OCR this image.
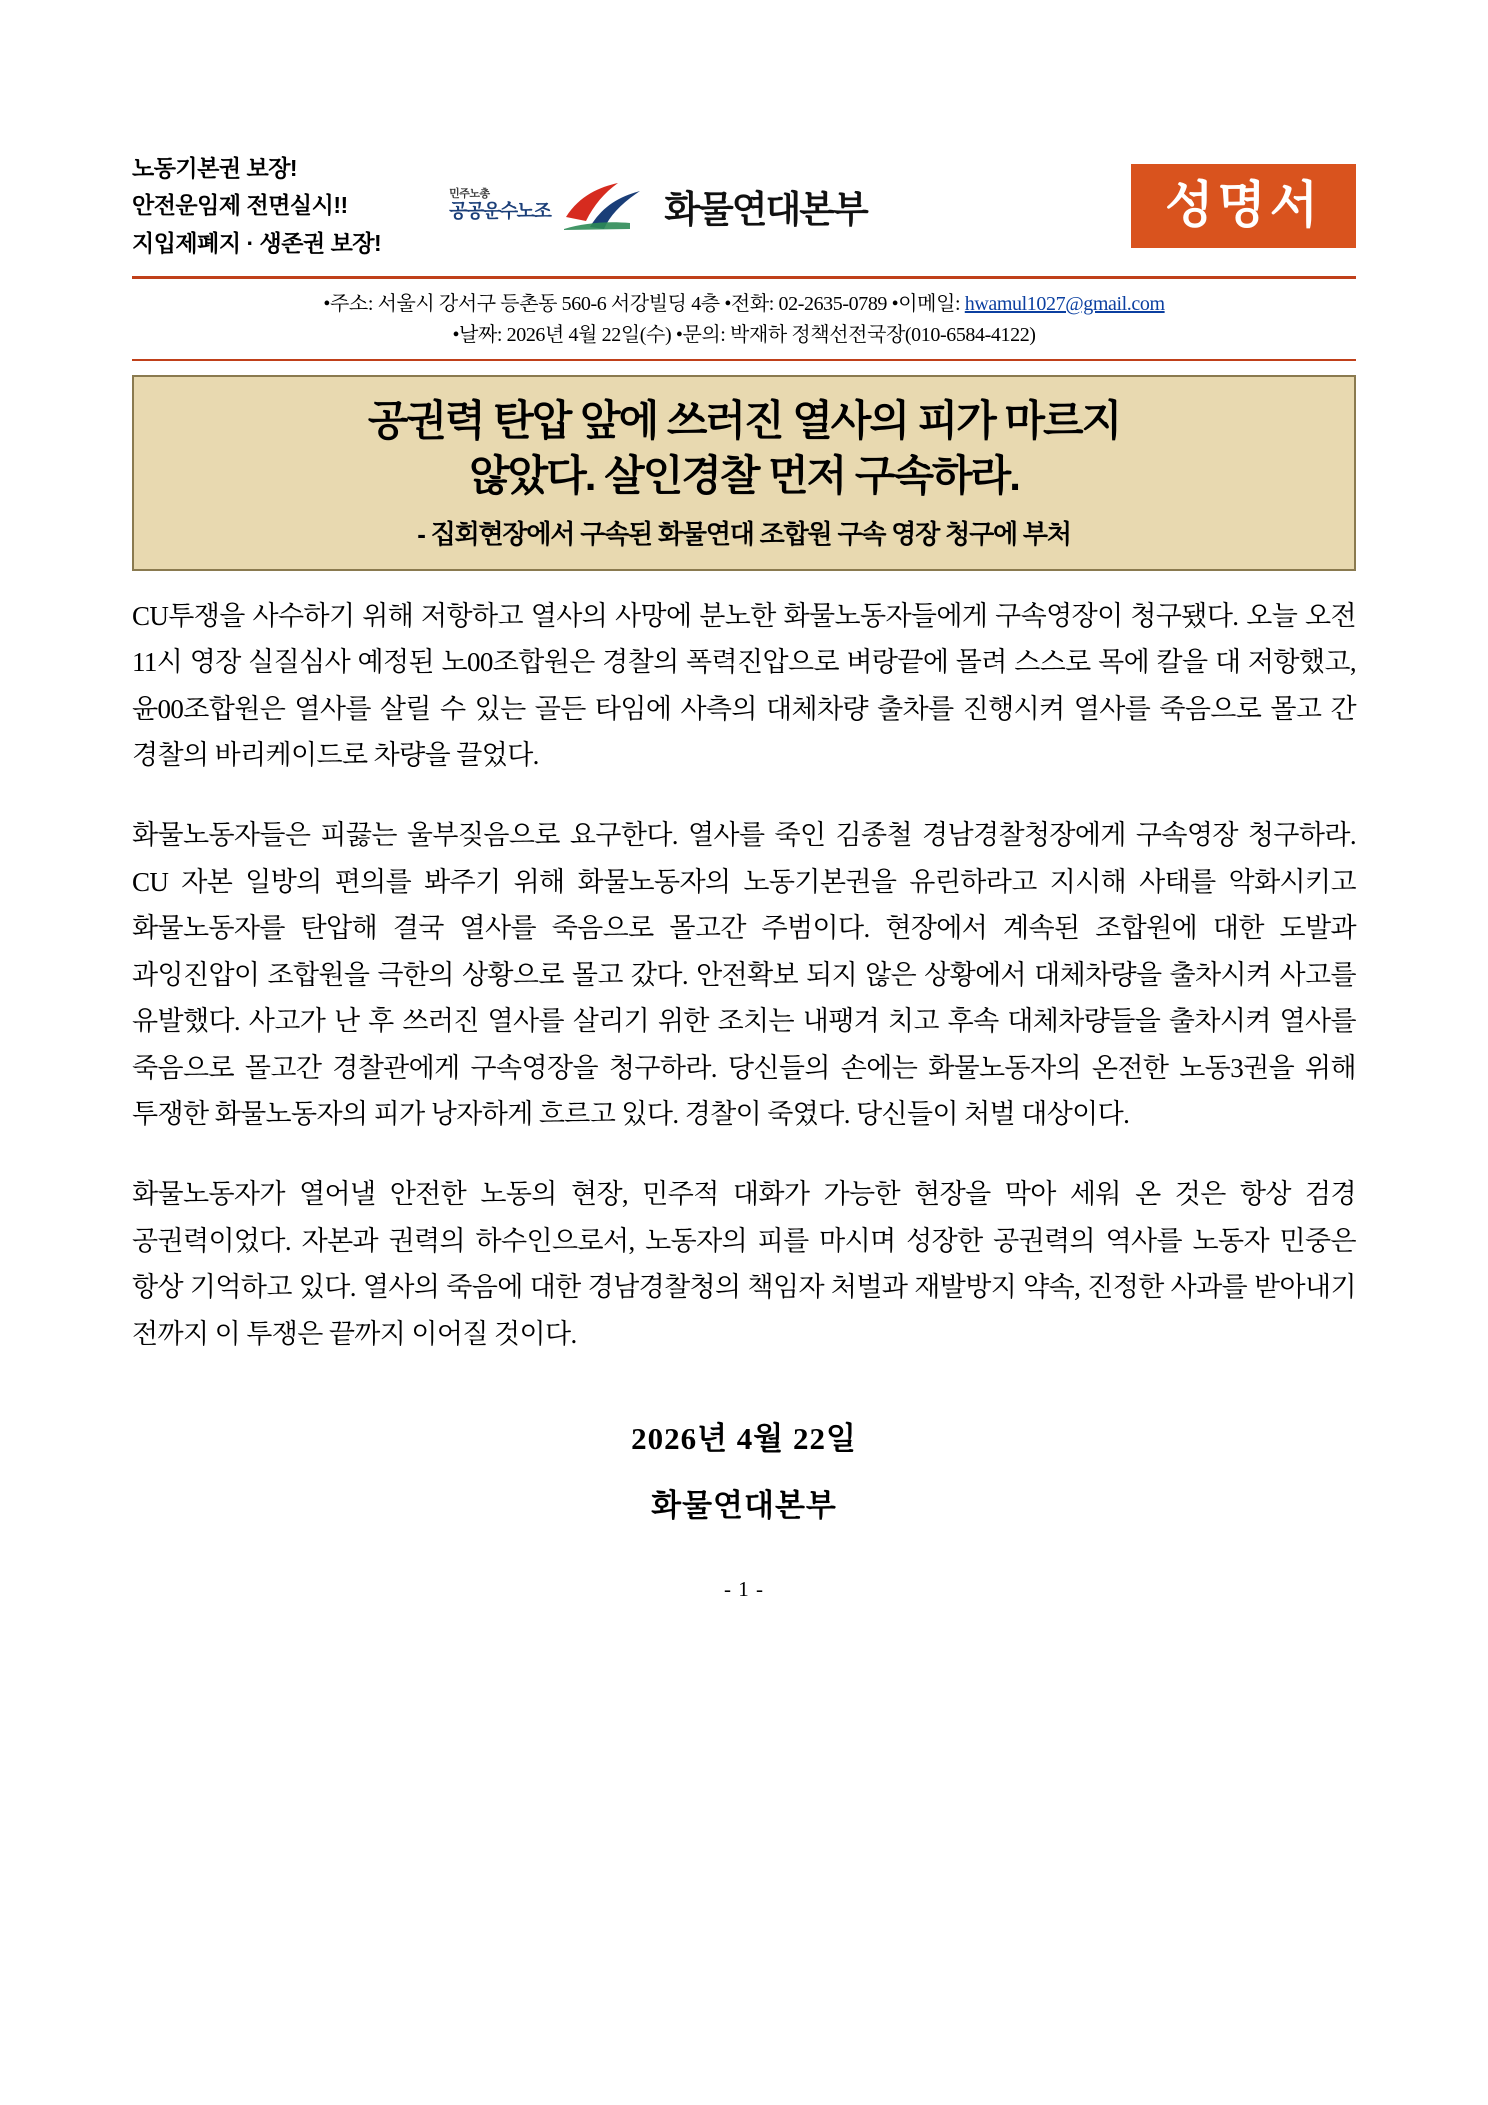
노동기본권 보장!
안전운임제 전면실시!!
지입제폐지 · 생존권 보장!
민주노총
공공운수노조	화물연대본부	성명서
•주소: 서울시 강서구 등촌동 560-6 서강빌딩 4층 •전화: 02-2635-0789 •이메일: hwamul1027@gmail.com
•날짜: 2026년 4월 22일(수) •문의: 박재하 정책선전국장(010-6584-4122)
공권력 탄압 앞에 쓰러진 열사의 피가 마르지
않았다. 살인경찰 먼저 구속하라.
- 집회현장에서 구속된 화물연대 조합원 구속 영장 청구에 부처

CU투쟁을 사수하기 위해 저항하고 열사의 사망에 분노한 화물노동자들에게 구속영장이 청구됐다. 오늘 오전 11시 영장 실질심사 예정된 노00조합원은 경찰의 폭력진압으로 벼랑끝에 몰려 스스로 목에 칼을 대 저항했고, 윤00조합원은 열사를 살릴 수 있는 골든 타임에 사측의 대체차량 출차를 진행시켜 열사를 죽음으로 몰고 간 경찰의 바리케이드로 차량을 끌었다.

화물노동자들은 피끓는 울부짖음으로 요구한다. 열사를 죽인 김종철 경남경찰청장에게 구속영장 청구하라. CU 자본 일방의 편의를 봐주기 위해 화물노동자의 노동기본권을 유린하라고 지시해 사태를 악화시키고 화물노동자를 탄압해 결국 열사를 죽음으로 몰고간 주범이다. 현장에서 계속된 조합원에 대한 도발과 과잉진압이 조합원을 극한의 상황으로 몰고 갔다. 안전확보 되지 않은 상황에서 대체차량을 출차시켜 사고를 유발했다. 사고가 난 후 쓰러진 열사를 살리기 위한 조치는 내팽겨 치고 후속 대체차량들을 출차시켜 열사를 죽음으로 몰고간 경찰관에게 구속영장을 청구하라. 당신들의 손에는 화물노동자의 온전한 노동3권을 위해 투쟁한 화물노동자의 피가 낭자하게 흐르고 있다. 경찰이 죽였다. 당신들이 처벌 대상이다.

화물노동자가 열어낼 안전한 노동의 현장, 민주적 대화가 가능한 현장을 막아 세워 온 것은 항상 검경 공권력이었다. 자본과 권력의 하수인으로서, 노동자의 피를 마시며 성장한 공권력의 역사를 노동자 민중은 항상 기억하고 있다. 열사의 죽음에 대한 경남경찰청의 책임자 처벌과 재발방지 약속, 진정한 사과를 받아내기 전까지 이 투쟁은 끝까지 이어질 것이다.

2026년 4월 22일
화물연대본부
- 1 -
